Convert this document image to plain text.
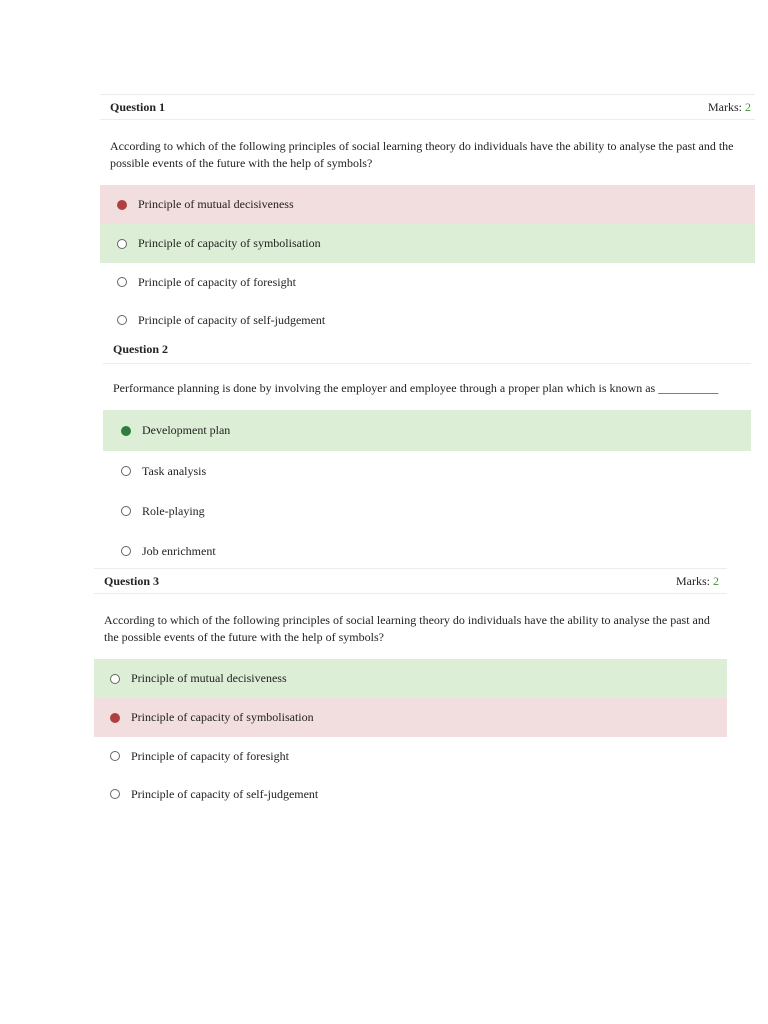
Question 1	Marks: 2
According to which of the following principles of social learning theory do individuals have the ability to analyse the past and the possible events of the future with the help of symbols?
Principle of mutual decisiveness
Principle of capacity of symbolisation
Principle of capacity of foresight
Principle of capacity of self-judgement
Question 2
Performance planning is done by involving the employer and employee through a proper plan which is known as __________
Development plan
Task analysis
Role-playing
Job enrichment
Question 3	Marks: 2
According to which of the following principles of social learning theory do individuals have the ability to analyse the past and the possible events of the future with the help of symbols?
Principle of mutual decisiveness
Principle of capacity of symbolisation
Principle of capacity of foresight
Principle of capacity of self-judgement
